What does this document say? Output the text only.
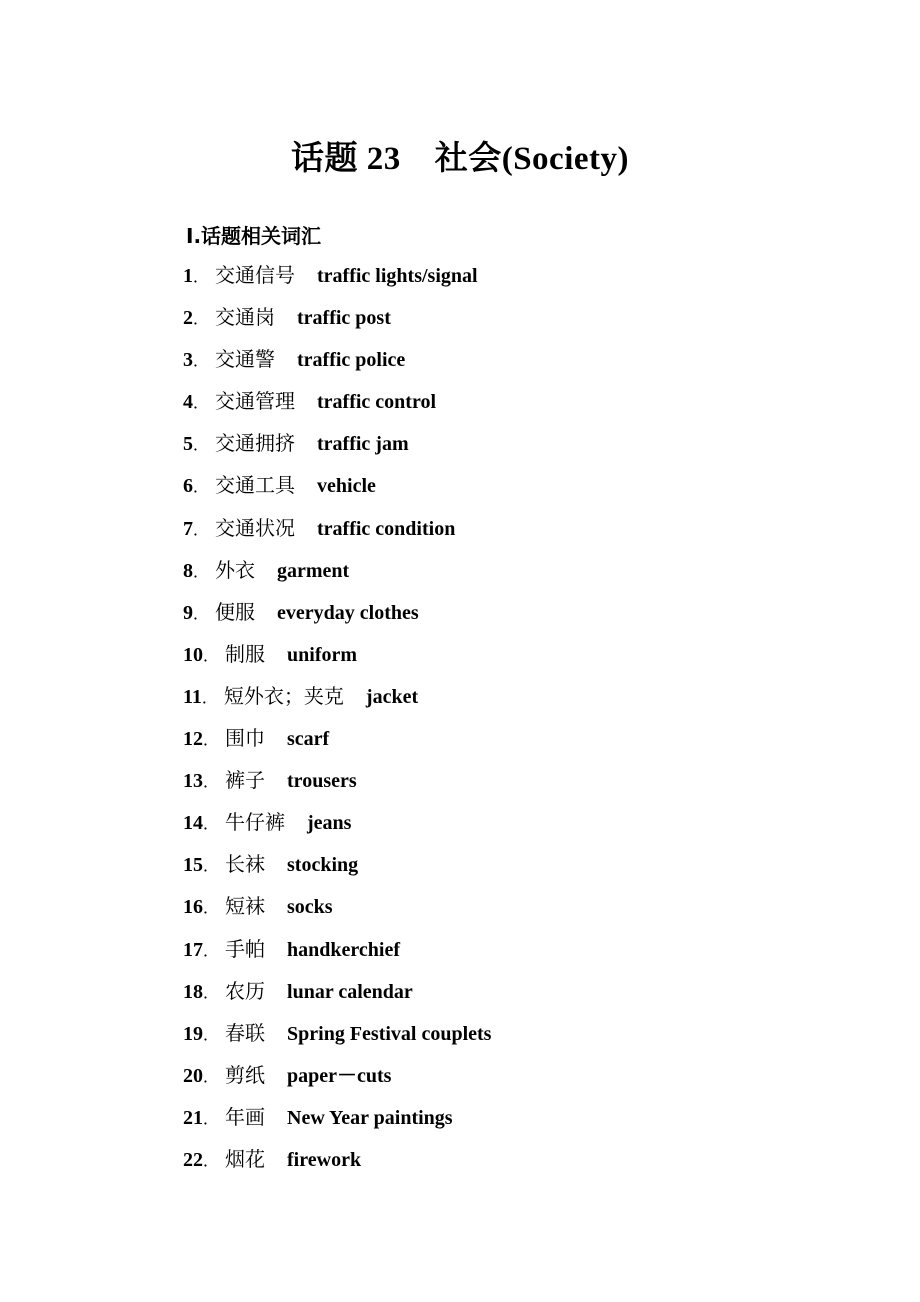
话题 23 社会(Society)
Ⅰ.话题相关词汇
1． 交通信号 traffic lights/signal
2． 交通岗 traffic post
3． 交通警 traffic police
4． 交通管理 traffic control
5． 交通拥挤 traffic jam
6． 交通工具 vehicle
7． 交通状况 traffic condition
8． 外衣 garment
9． 便服 everyday clothes
10． 制服 uniform
11． 短外衣；夹克 jacket
12． 围巾 scarf
13． 裤子 trousers
14． 牛仔裤 jeans
15． 长袜 stocking
16． 短袜 socks
17． 手帕 handkerchief
18． 农历 lunar calendar
19． 春联 Spring Festival couplets
20． 剪纸 paper－cuts
21． 年画 New Year paintings
22． 烟花 firework
